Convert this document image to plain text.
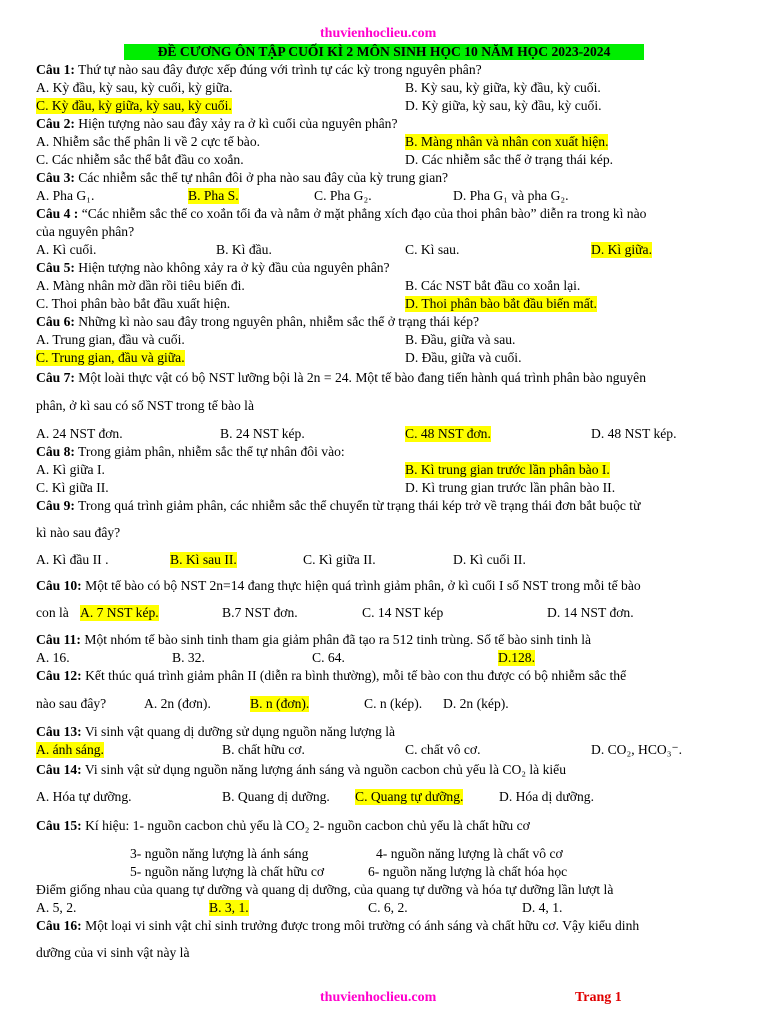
thuvienhoclieu.com
ĐỀ CƯƠNG ÔN TẬP CUỐI KÌ 2 MÔN SINH HỌC 10 NĂM HỌC 2023-2024
Câu 1: Thứ tự nào sau đây được xếp đúng với trình tự các kỳ trong nguyên phân?
A. Kỳ đầu, kỳ sau, kỳ cuối, kỳ giữa.	B. Kỳ sau, kỳ giữa, kỳ đầu, kỳ cuối.
C. Kỳ đầu, kỳ giữa, kỳ sau, kỳ cuối.	D. Kỳ giữa, kỳ sau, kỳ đầu, kỳ cuối.
Câu 2: Hiện tượng nào sau đây xảy ra ở kì cuối của nguyên phân?
A. Nhiễm sắc thể phân li về 2 cực tế bào.	B. Màng nhân và nhân con xuất hiện.
C. Các nhiễm sắc thể bắt đầu co xoắn.	D. Các nhiễm sắc thể ở trạng thái kép.
Câu 3: Các nhiễm sắc thể tự nhân đôi ở pha nào sau đây của kỳ trung gian?
A. Pha G₁.	B. Pha S.	C. Pha G₂.	D. Pha G₁ và pha G₂.
Câu 4 : “Các nhiễm sắc thể co xoắn tối đa và nằm ở mặt phẳng xích đạo của thoi phân bào” diễn ra trong kì nào
của nguyên phân?
A. Kì cuối.	B. Kì đầu.	C. Kì sau.	D. Kì giữa.
Câu 5: Hiện tượng nào không xảy ra ở kỳ đầu của nguyên phân?
A. Màng nhân mờ dần rồi tiêu biến đi.	B. Các NST bắt đầu co xoắn lại.
C. Thoi phân bào bắt đầu xuất hiện.	D. Thoi phân bào bắt đầu biến mất.
Câu 6: Những kì nào sau đây trong nguyên phân, nhiễm sắc thể ở trạng thái kép?
A. Trung gian, đầu và cuối.	B. Đầu, giữa và sau.
C. Trung gian, đầu và giữa.	D. Đầu, giữa và cuối.
Câu 7: Một loài thực vật có bộ NST lưỡng bội là 2n = 24. Một tế bào đang tiến hành quá trình phân bào nguyên
phân, ở kì sau có số NST trong tế bào là
A. 24 NST đơn.	B. 24 NST kép.	C. 48 NST đơn.	D. 48 NST kép.
Câu 8: Trong giảm phân, nhiễm sắc thể tự nhân đôi vào:
A. Kì giữa I.	B. Kì trung gian trước lần phân bào I.
C. Kì giữa II.	D. Kì trung gian trước lần phân bào II.
Câu 9: Trong quá trình giảm phân, các nhiễm sắc thể chuyển từ trạng thái kép trở về trạng thái đơn bắt buộc từ
kì nào sau đây?
A. Kì đầu II .	B. Kì sau II.	C. Kì giữa II.	D. Kì cuối II.
Câu 10: Một tế bào có bộ NST 2n=14 đang thực hiện quá trình giảm phân, ở kì cuối I số NST trong mỗi tế bào
con là A. 7 NST kép.	B.7 NST đơn.	C. 14 NST kép	D. 14 NST đơn.
Câu 11: Một nhóm tế bào sinh tinh tham gia giảm phân đã tạo ra 512 tinh trùng. Số tế bào sinh tinh là
A. 16.	B. 32.	C. 64.	D.128.
Câu 12: Kết thúc quá trình giảm phân II (diễn ra bình thường), mỗi tế bào con thu được có bộ nhiễm sắc thể
nào sau đây?	A. 2n (đơn).	B. n (đơn).	C. n (kép). D. 2n (kép).
Câu 13: Vi sinh vật quang dị dưỡng sử dụng nguồn năng lượng là
A. ánh sáng.	B. chất hữu cơ.	C. chất vô cơ.	D. CO₂, HCO₃⁻.
Câu 14: Vi sinh vật sử dụng nguồn năng lượng ánh sáng và nguồn cacbon chủ yếu là CO₂ là kiểu
A. Hóa tự dưỡng.	B. Quang dị dưỡng. C. Quang tự dưỡng.	D. Hóa dị dưỡng.
Câu 15: Kí hiệu: 1- nguồn cacbon chủ yếu là CO₂ 2- nguồn cacbon chủ yếu là chất hữu cơ
3- nguồn năng lượng là ánh sáng	4- nguồn năng lượng là chất vô cơ
5- nguồn năng lượng là chất hữu cơ	6- nguồn năng lượng là chất hóa học
Điểm giống nhau của quang tự dưỡng và quang dị dưỡng, của quang tự dưỡng và hóa tự dưỡng lần lượt là
A. 5, 2.	B. 3, 1.	C. 6, 2.	D. 4, 1.
Câu 16: Một loại vi sinh vật chỉ sinh trưởng được trong môi trường có ánh sáng và chất hữu cơ. Vậy kiểu dinh
dưỡng của vi sinh vật này là
thuvienhoclieu.com	Trang 1
